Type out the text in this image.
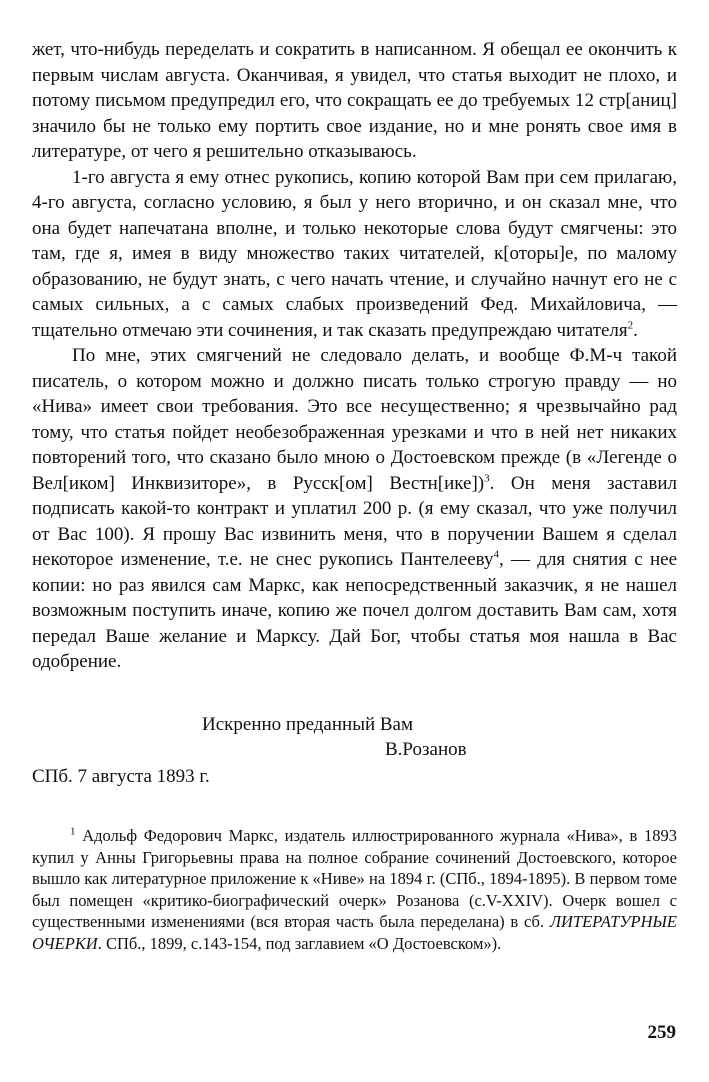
жет, что-нибудь переделать и сократить в написанном. Я обещал ее окончить к первым числам августа. Оканчивая, я увидел, что статья выходит не плохо, и потому письмом предупредил его, что сокращать ее до требуемых 12 стр[аниц] значило бы не только ему портить свое издание, но и мне ронять свое имя в литературе, от чего я решительно отказываюсь.

1-го августа я ему отнес рукопись, копию которой Вам при сем прилагаю, 4-го августа, согласно условию, я был у него вторично, и он сказал мне, что она будет напечатана вполне, и только некоторые слова будут смягчены: это там, где я, имея в виду множество таких читателей, к[оторы]е, по малому образованию, не будут знать, с чего начать чтение, и случайно начнут его не с самых сильных, а с самых слабых произведений Фед. Михайловича, — тщательно отмечаю эти сочинения, и так сказать предупреждаю читателя$^2$.

По мне, этих смягчений не следовало делать, и вообще Ф.М-ч такой писатель, о котором можно и должно писать только строгую правду — но «Нива» имеет свои требования. Это все несущественно; я чрезвычайно рад тому, что статья пойдет необезображенная урезками и что в ней нет никаких повторений того, что сказано было мною о Достоевском прежде (в «Легенде о Вел[иком] Инквизиторе», в Русск[ом] Вестн[ике])$^3$. Он меня заставил подписать какой-то контракт и уплатил 200 р. (я ему сказал, что уже получил от Вас 100). Я прошу Вас извинить меня, что в поручении Вашем я сделал некоторое изменение, т.е. не снес рукопись Пантелееву$^4$, — для снятия с нее копии: но раз явился сам Маркс, как непосредственный заказчик, я не нашел возможным поступить иначе, копию же почел долгом доставить Вам сам, хотя передал Ваше желание и Марксу. Дай Бог, чтобы статья моя нашла в Вас одобрение.

Искренно преданный Вам
В.Розанов
СПб. 7 августа 1893 г.
$^1$ Адольф Федорович Маркс, издатель иллюстрированного журнала «Нива», в 1893 купил у Анны Григорьевны права на полное собрание сочинений Достоевского, которое вышло как литературное приложение к «Ниве» на 1894 г. (СПб., 1894-1895). В первом томе был помещен «критико-биографический очерк» Розанова (с.V-XXIV). Очерк вошел с существенными изменениями (вся вторая часть была переделана) в сб. ЛИТЕРАТУРНЫЕ ОЧЕРКИ. СПб., 1899, с.143-154, под заглавием «О Достоевском»).
259
